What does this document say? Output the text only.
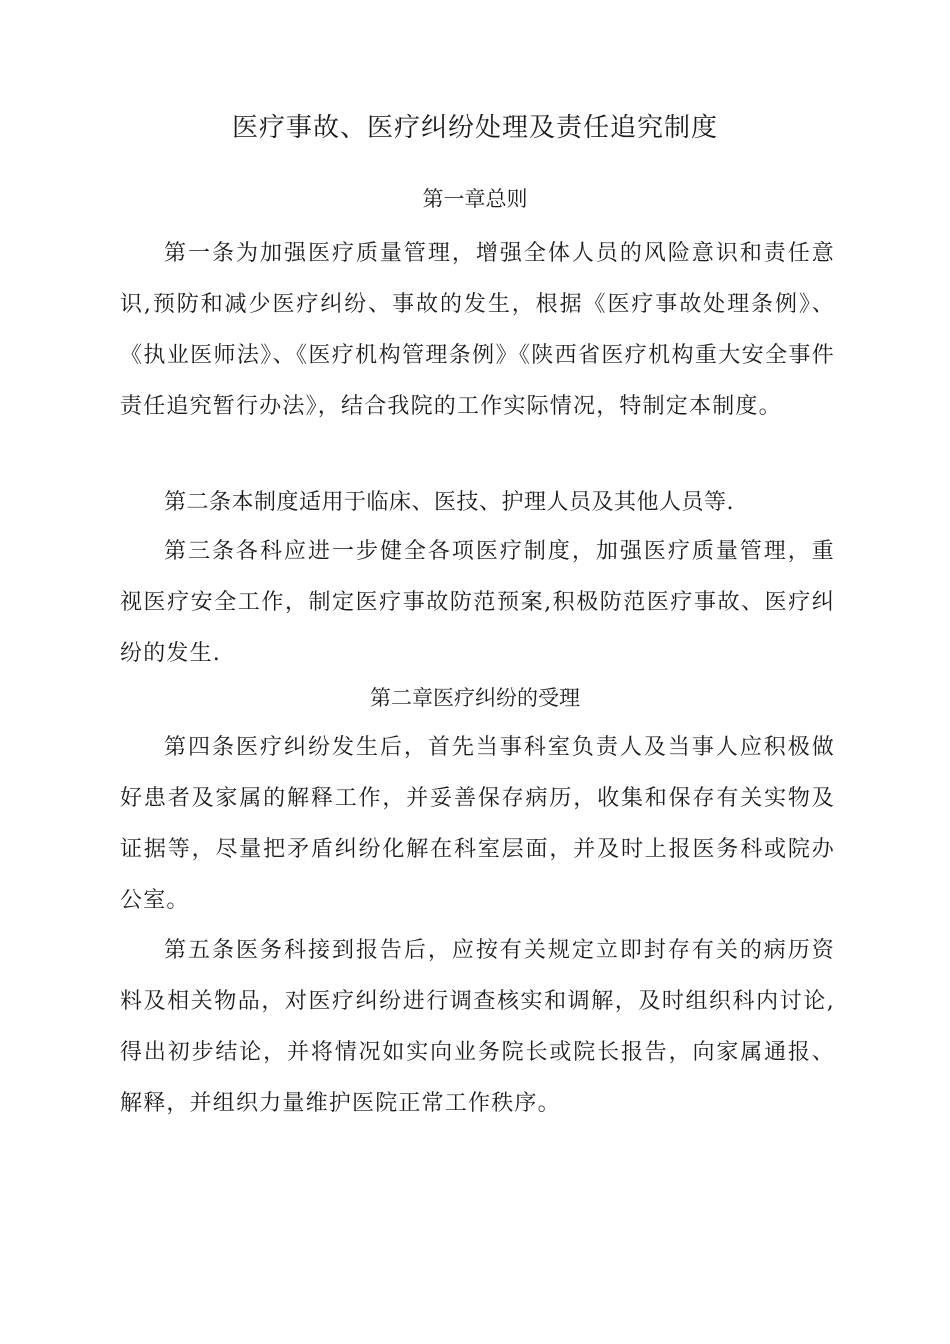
医疗事故、医疗纠纷处理及责任追究制度
第一章总则

第一条为加强医疗质量管理，增强全体人员的风险意识和责任意识,预防和减少医疗纠纷、事故的发生，根据《医疗事故处理条例》、《执业医师法》、《医疗机构管理条例》《陕西省医疗机构重大安全事件责任追究暂行办法》，结合我院的工作实际情况，特制定本制度。

第二条本制度适用于临床、医技、护理人员及其他人员等.

第三条各科应进一步健全各项医疗制度，加强医疗质量管理，重视医疗安全工作，制定医疗事故防范预案,积极防范医疗事故、医疗纠纷的发生.

第二章医疗纠纷的受理

第四条医疗纠纷发生后，首先当事科室负责人及当事人应积极做好患者及家属的解释工作，并妥善保存病历，收集和保存有关实物及证据等，尽量把矛盾纠纷化解在科室层面，并及时上报医务科或院办公室。

第五条医务科接到报告后，应按有关规定立即封存有关的病历资料及相关物品，对医疗纠纷进行调查核实和调解，及时组织科内讨论,得出初步结论，并将情况如实向业务院长或院长报告，向家属通报、解释，并组织力量维护医院正常工作秩序。
